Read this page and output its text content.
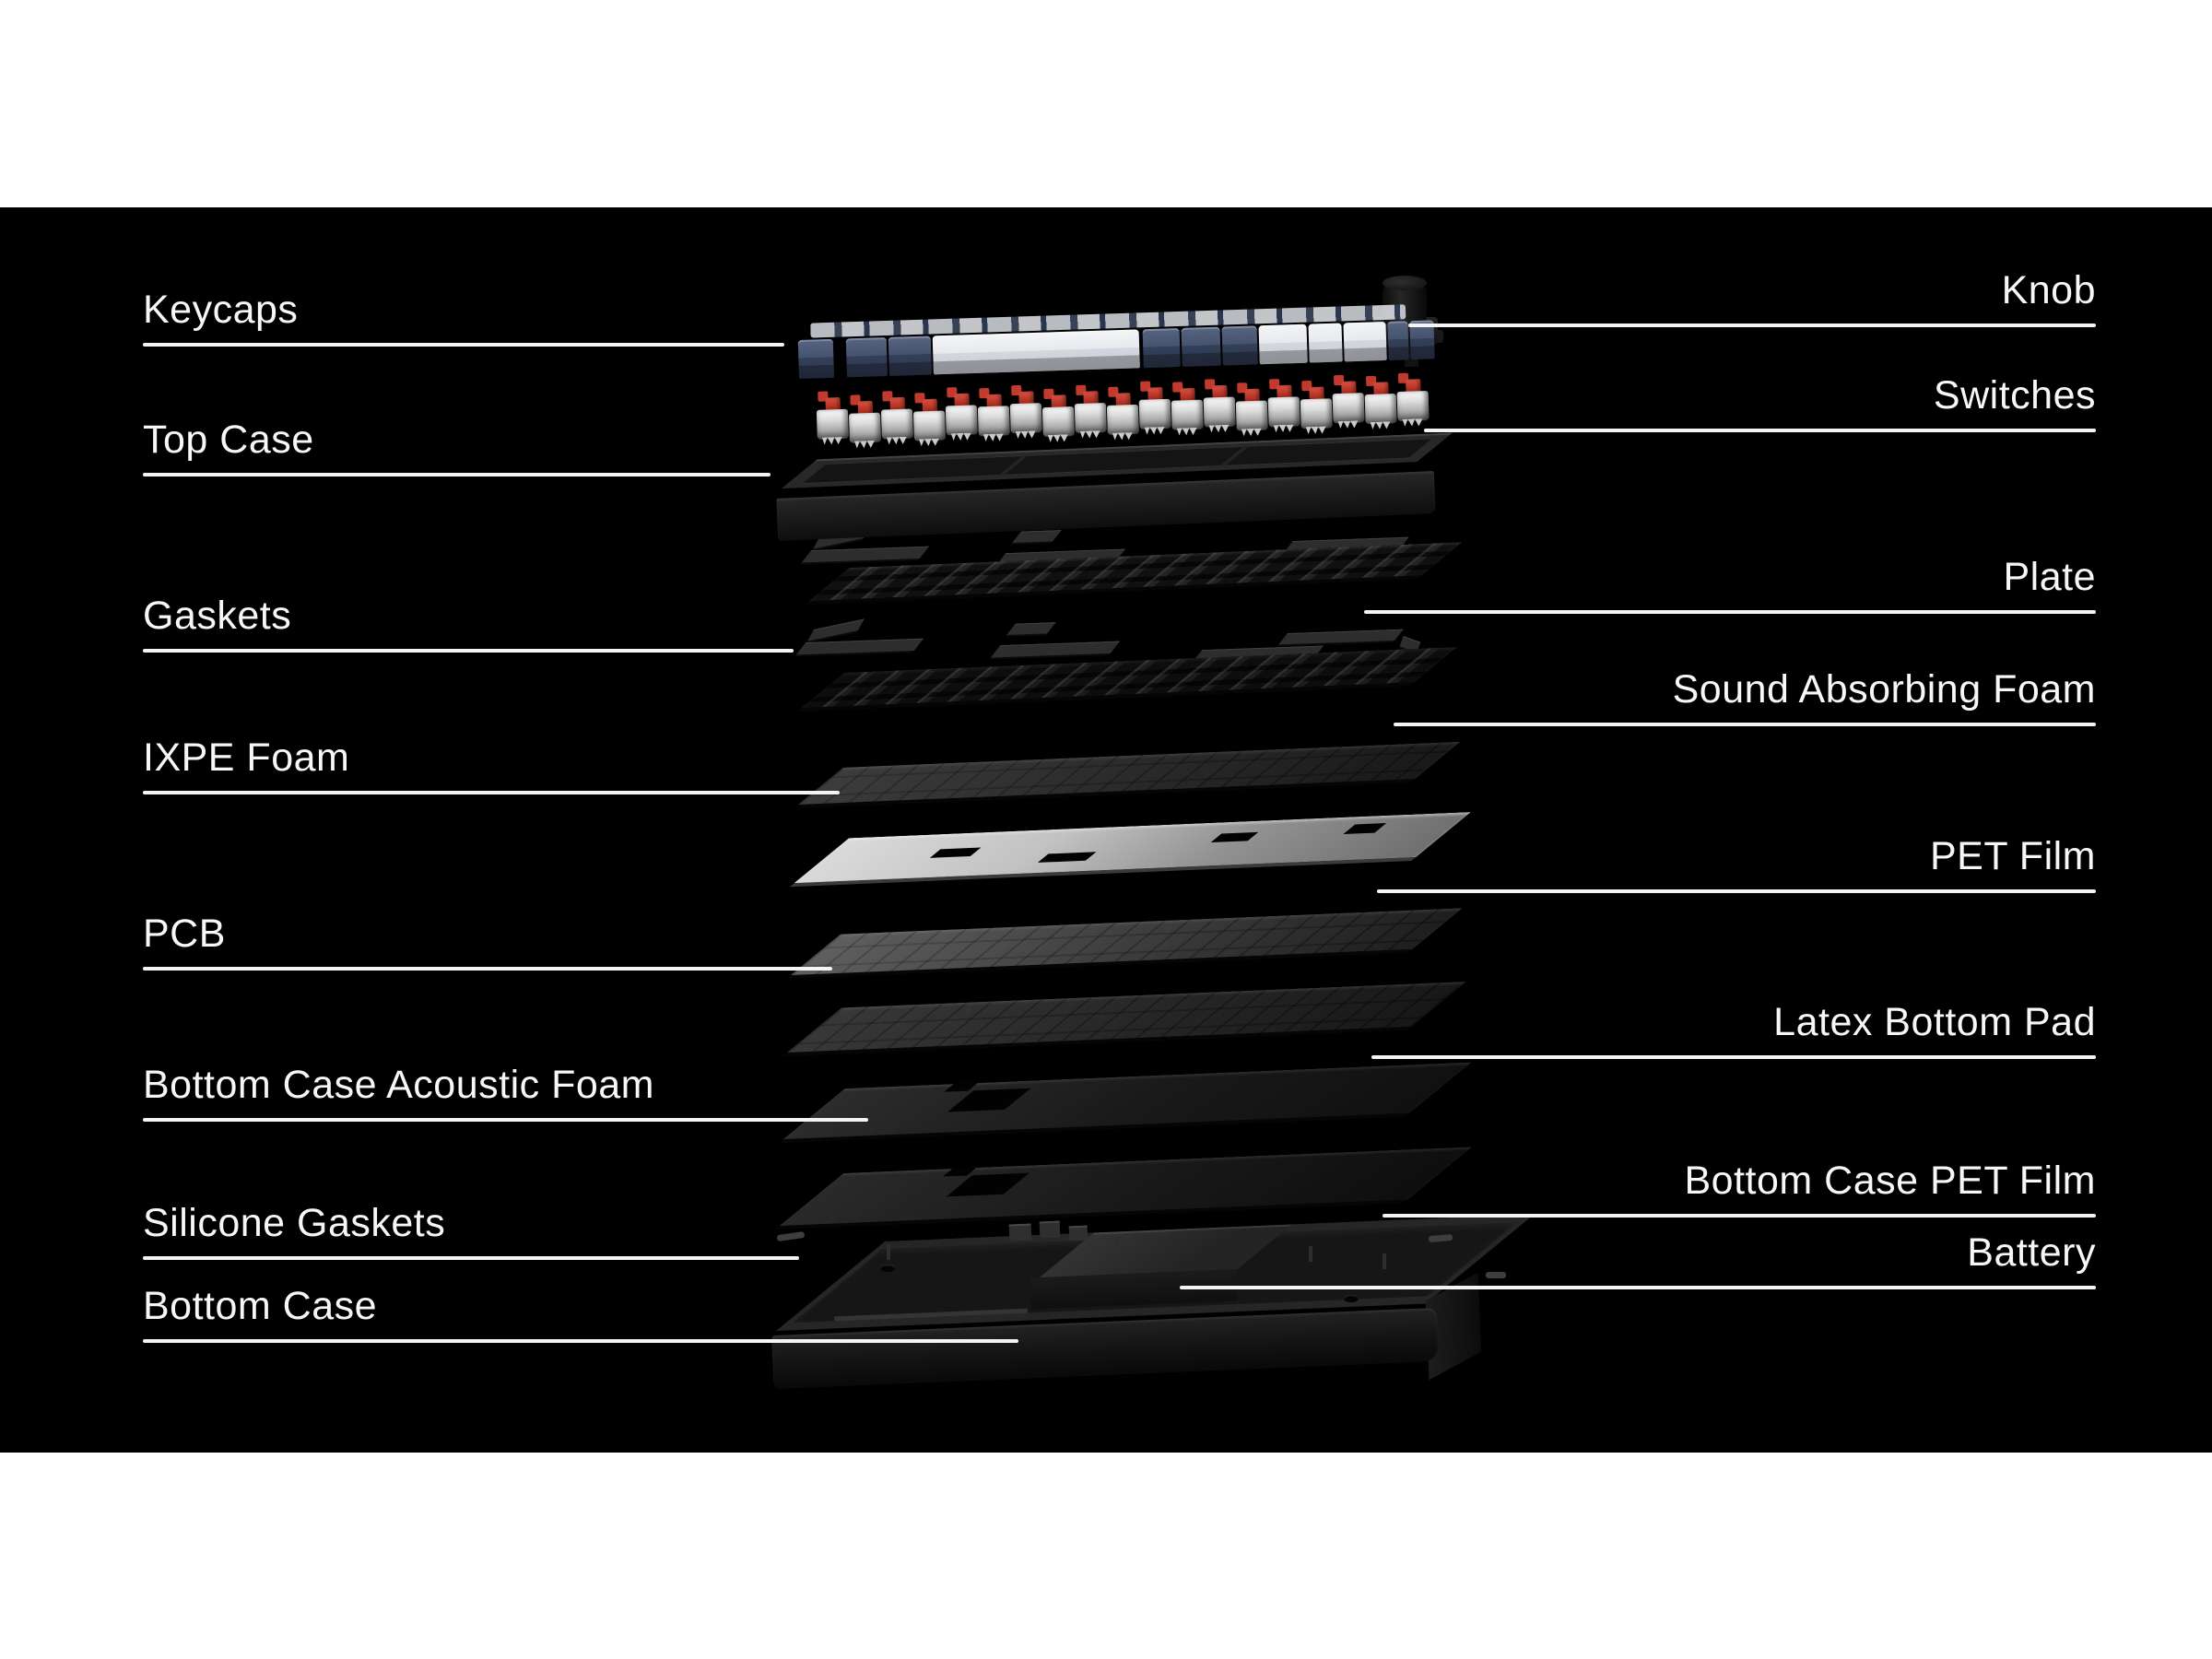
Keycaps
Top Case
Gaskets
IXPE Foam
PCB
Bottom Case Acoustic Foam
Silicone Gaskets
Bottom Case
Knob
Switches
Plate
Sound Absorbing Foam
PET Film
Latex Bottom Pad
Bottom Case PET Film
Battery
